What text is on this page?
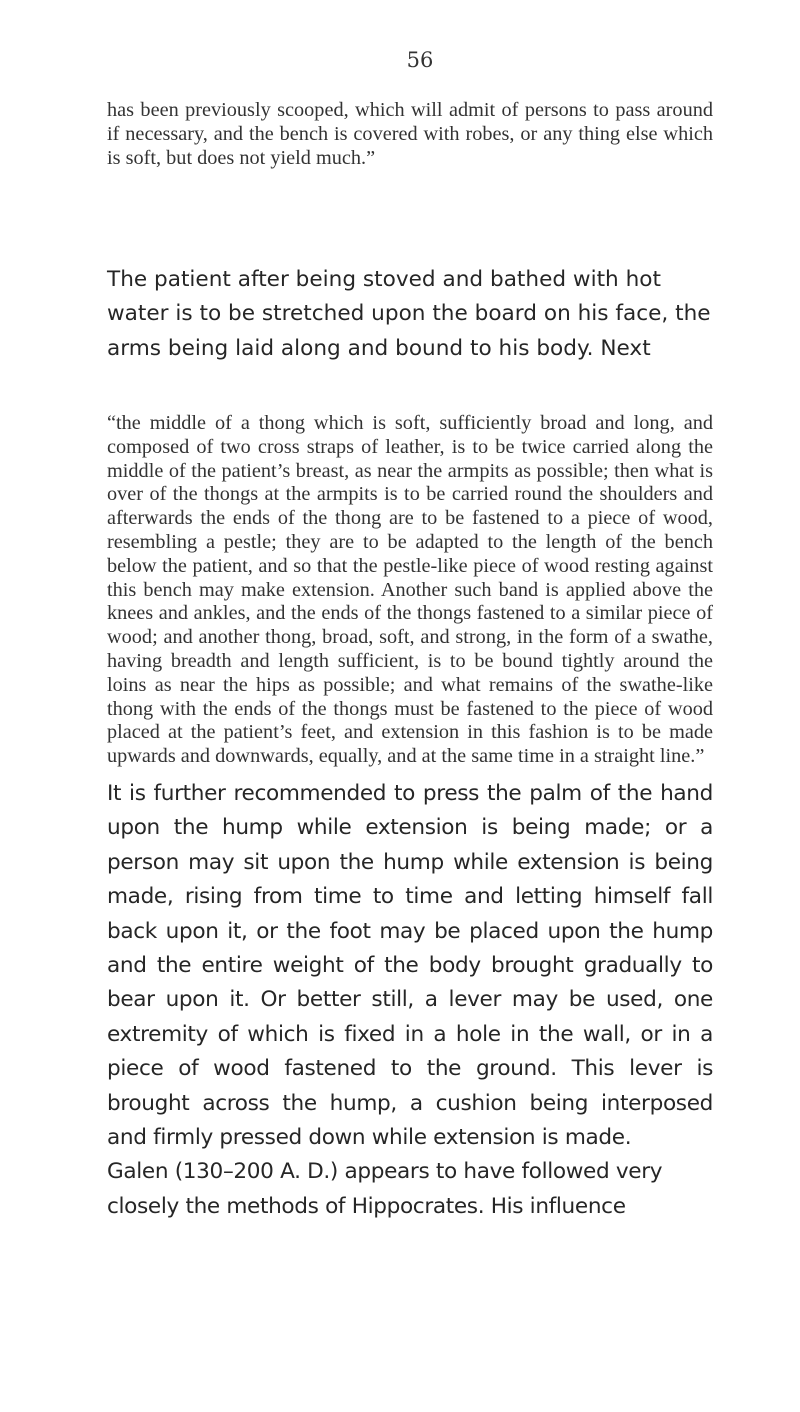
56

has been previously scooped, which will admit of persons to pass around if necessary, and the bench is covered with robes, or any thing else which is soft, but does not yield much.”

The patient after being stoved and bathed with hot water is to be stretched upon the board on his face, the arms being laid along and bound to his body. Next

“the middle of a thong which is soft, sufficiently broad and long, and composed of two cross straps of leather, is to be twice carried along the middle of the patient’s breast, as near the armpits as possible; then what is over of the thongs at the armpits is to be carried round the shoulders and afterwards the ends of the thong are to be fastened to a piece of wood, resembling a pestle; they are to be adapted to the length of the bench below the patient, and so that the pestle-like piece of wood resting against this bench may make extension. Another such band is applied above the knees and ankles, and the ends of the thongs fastened to a similar piece of wood; and another thong, broad, soft, and strong, in the form of a swathe, having breadth and length sufficient, is to be bound tightly around the loins as near the hips as possible; and what remains of the swathe-like thong with the ends of the thongs must be fastened to the piece of wood placed at the patient’s feet, and extension in this fashion is to be made upwards and downwards, equally, and at the same time in a straight line.”

It is further recommended to press the palm of the hand upon the hump while extension is being made; or a person may sit upon the hump while extension is being made, rising from time to time and letting himself fall back upon it, or the foot may be placed upon the hump and the entire weight of the body brought gradually to bear upon it. Or better still, a lever may be used, one extremity of which is fixed in a hole in the wall, or in a piece of wood fastened to the ground. This lever is brought across the hump, a cushion being interposed and firmly pressed down while extension is made.

Galen (130–200 A. D.) appears to have followed very closely the methods of Hippocrates. His influence
